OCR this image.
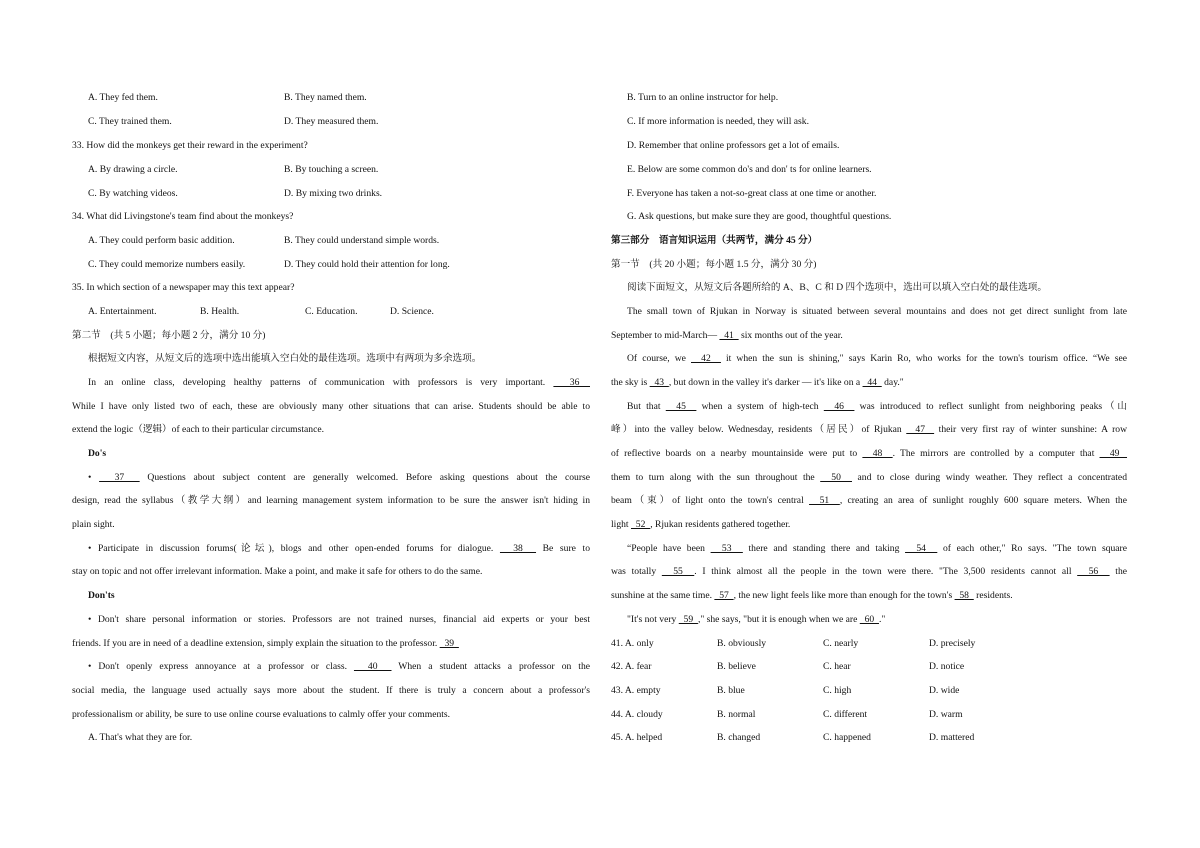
A. They fed them.	B. They named them.
C. They trained them.	D. They measured them.
33. How did the monkeys get their reward in the experiment?
A. By drawing a circle.	B. By touching a screen.
C. By watching videos.	D. By mixing two drinks.
34. What did Livingstone's team find about the monkeys?
A. They could perform basic addition.	B. They could understand simple words.
C. They could memorize numbers easily.	D. They could hold their attention for long.
35. In which section of a newspaper may this text appear?
A. Entertainment.	B. Health.	C. Education.	D. Science.
第二节　(共 5 小题；每小题 2 分，满分 10 分)
根据短文内容，从短文后的选项中选出能填入空白处的最佳选项。选项中有两项为多余选项。
In an online class, developing healthy patterns of communication with professors is very important.   36
While I have only listed two of each, these are obviously many other situations that can arise. Students should be able to
extend the logic（逻辑）of each to their particular circumstance.
Do's
•   37   Questions about subject content are generally welcomed. Before asking questions about the course
design, read the syllabus（教学大纲）and learning management system information to be sure the answer isn't hiding in
plain sight.
• Participate in discussion forums(论坛), blogs and other open-ended forums for dialogue.   38   Be sure to
stay on topic and not offer irrelevant information. Make a point, and make it safe for others to do the same.
Don'ts
• Don't share personal information or stories. Professors are not trained nurses, financial aid experts or your best
friends. If you are in need of a deadline extension, simply explain the situation to the professor.   39
• Don't openly express annoyance at a professor or class.   40   When a student attacks a professor on the
social media, the language used actually says more about the student. If there is truly a concern about a professor's
professionalism or ability, be sure to use online course evaluations to calmly offer your comments.
A. That's what they are for.
B. Turn to an online instructor for help.
C. If more information is needed, they will ask.
D. Remember that online professors get a lot of emails.
E. Below are some common do's and don' ts for online learners.
F. Everyone has taken a not-so-great class at one time or another.
G. Ask questions, but make sure they are good, thoughtful questions.
第三部分　语言知识运用（共两节，满分 45 分）
第一节　(共 20 小题；每小题 1.5 分，满分 30 分)
阅读下面短文，从短文后各题所给的 A、B、C 和 D 四个选项中，选出可以填入空白处的最佳选项。
The small town of Rjukan in Norway is situated between several mountains and does not get direct sunlight from late
September to mid-March—   41   six months out of the year.
Of course, we   42   it when the sun is shining," says Karin Ro, who works for the town's tourism office. “We see
the sky is   43  , but down in the valley it's darker — it's like on a   44   day."
But that   45   when a system of high-tech   46   was introduced to reflect sunlight from neighboring peaks（山
峰）into the valley below. Wednesday, residents（居民）of Rjukan   47   their very first ray of winter sunshine: A row
of reflective boards on a nearby mountainside were put to   48  . The mirrors are controlled by a computer that   49
them to turn along with the sun throughout the   50   and to close during windy weather. They reflect a concentrated
beam（束）of light onto the town's central   51  , creating an area of sunlight roughly 600 square meters. When the
light   52  , Rjukan residents gathered together.
“People have been   53   there and standing there and taking   54   of each other," Ro says. "The town square
was totally   55  . I think almost all the people in the town were there. "The 3,500 residents cannot all   56   the
sunshine at the same time.   57  , the new light feels like more than enough for the town's   58   residents.
"It's not very   59  ," she says, "but it is enough when we are   60  ."
41. A. only	B. obviously	C. nearly	D. precisely
42. A. fear	B. believe	C. hear	D. notice
43. A. empty	B. blue	C. high	D. wide
44. A. cloudy	B. normal	C. different	D. warm
45. A. helped	B. changed	C. happened	D. mattered
